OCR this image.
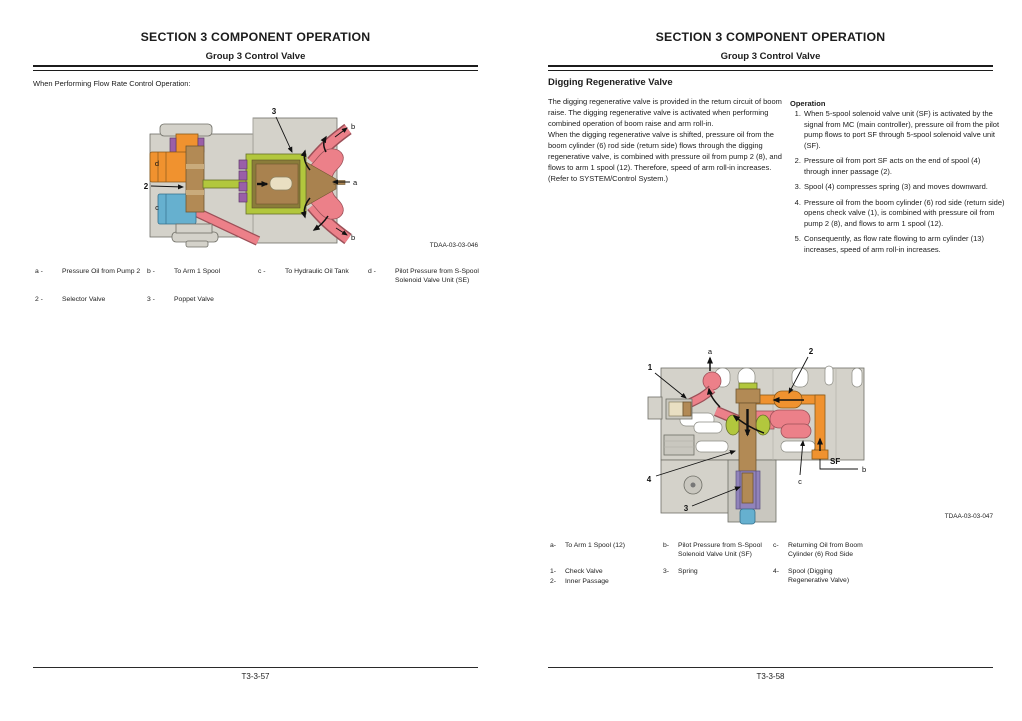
SECTION 3 COMPONENT OPERATION
Group 3 Control Valve
When Performing Flow Rate Control Operation:
3
b
a
b
d
2
c
TDAA-03-03-046
a -	Pressure Oil from Pump 2	b -	To Arm 1 Spool	c -	To Hydraulic Oil Tank	d -	Pilot Pressure from S-Spool Solenoid Valve Unit (SE)
2 -	Selector Valve	3 -	Poppet Valve
T3-3-57
SECTION 3 COMPONENT OPERATION
Group 3 Control Valve
Digging Regenerative Valve
The digging regenerative valve is provided in the return circuit of boom raise. The digging regenerative valve is activated when performing combined operation of boom raise and arm roll-in.
When the digging regenerative valve is shifted, pressure oil from the boom cylinder (6) rod side (return side) flows through the digging regenerative valve, is combined with pressure oil from pump 2 (8), and flows to arm 1 spool (12). Therefore, speed of arm roll-in increases. (Refer to SYSTEM/Control System.)
Operation
1. When 5-spool solenoid valve unit (SF) is activated by the signal from MC (main controller), pressure oil from the pilot pump flows to port SF through 5-spool solenoid valve unit (SF).
2. Pressure oil from port SF acts on the end of spool (4) through inner passage (2).
3. Spool (4) compresses spring (3) and moves downward.
4. Pressure oil from the boom cylinder (6) rod side (return side) opens check valve (1), is combined with pressure oil from pump 2 (8), and flows to arm 1 spool (12).
5. Consequently, as flow rate flowing to arm cylinder (13) increases, speed of arm roll-in increases.
a
1
2
SF
b
c
4
3
TDAA-03-03-047
a-	To Arm 1 Spool (12)	b-	Pilot Pressure from S-Spool Solenoid Valve Unit (SF)
c-	Returning Oil from Boom Cylinder (6) Rod Side
1-	Check Valve
2-	Inner Passage
3-	Spring	4-	Spool (Digging Regenerative Valve)
T3-3-58
